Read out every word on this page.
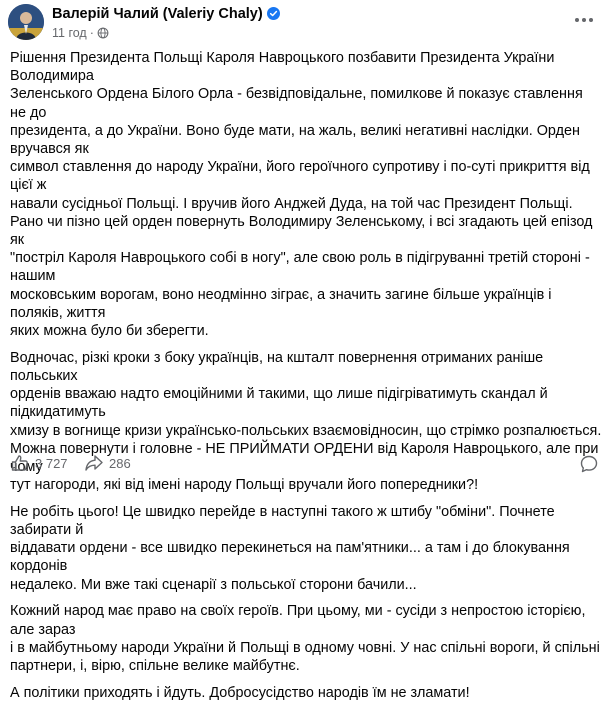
Валерій Чалий (Valeriy Chaly)
11 год ·

Рішення Президента Польщі Кароля Навроцького позбавити Президента України Володимира
Зеленського Ордена Білого Орла - безвідповідальне, помилкове й показує ставлення не до
президента, а до України. Воно буде мати, на жаль, великі негативні наслідки. Орден вручався як
символ ставлення до народу України, його героїчного супротиву і по-суті прикриття від цієї ж
навали сусідньої Польщі. І вручив його Анджей Дуда, на той час Президент Польщі.
Рано чи пізно цей орден повернуть Володимиру Зеленському, і всі згадають цей епізод як
"постріл Кароля Навроцького собі в ногу", але свою роль в підігруванні третій стороні - нашим
московським ворогам, воно неодмінно зіграє, а значить загине більше українців і поляків, життя
яких можна було би зберегти.

Водночас, різкі кроки з боку українців, на кшталт повернення отриманих раніше польських
орденів вважаю надто емоційними й такими, що лише підігріватимуть скандал й підкидатимуть
хмизу в вогнище кризи українсько-польських взаємовідносин, що стрімко розпалюється.
Можна повернути і головне - НЕ ПРИЙМАТИ ОРДЕНИ від Кароля Навроцького, але при чому
тут нагороди, які від імені народу Польщі вручали його попередники?!

Не робіть цього! Це швидко перейде в наступні такого ж штибу "обміни". Почнете забирати й
віддавати ордени - все швидко перекинеться на пам'ятники... а там і до блокування кордонів
недалеко. Ми вже такі сценарії з польської сторони бачили...

Кожний народ має право на своїх героїв. При цьому, ми - сусіди з непростою історією, але зараз
і в майбутньому народи України й Польщі в одному човні. У нас спільні вороги, й спільні
партнери, і, вірю, спільне велике майбутнє.

А політики приходять і йдуть. Добросусідство народів їм не зламати!

3 727	286
